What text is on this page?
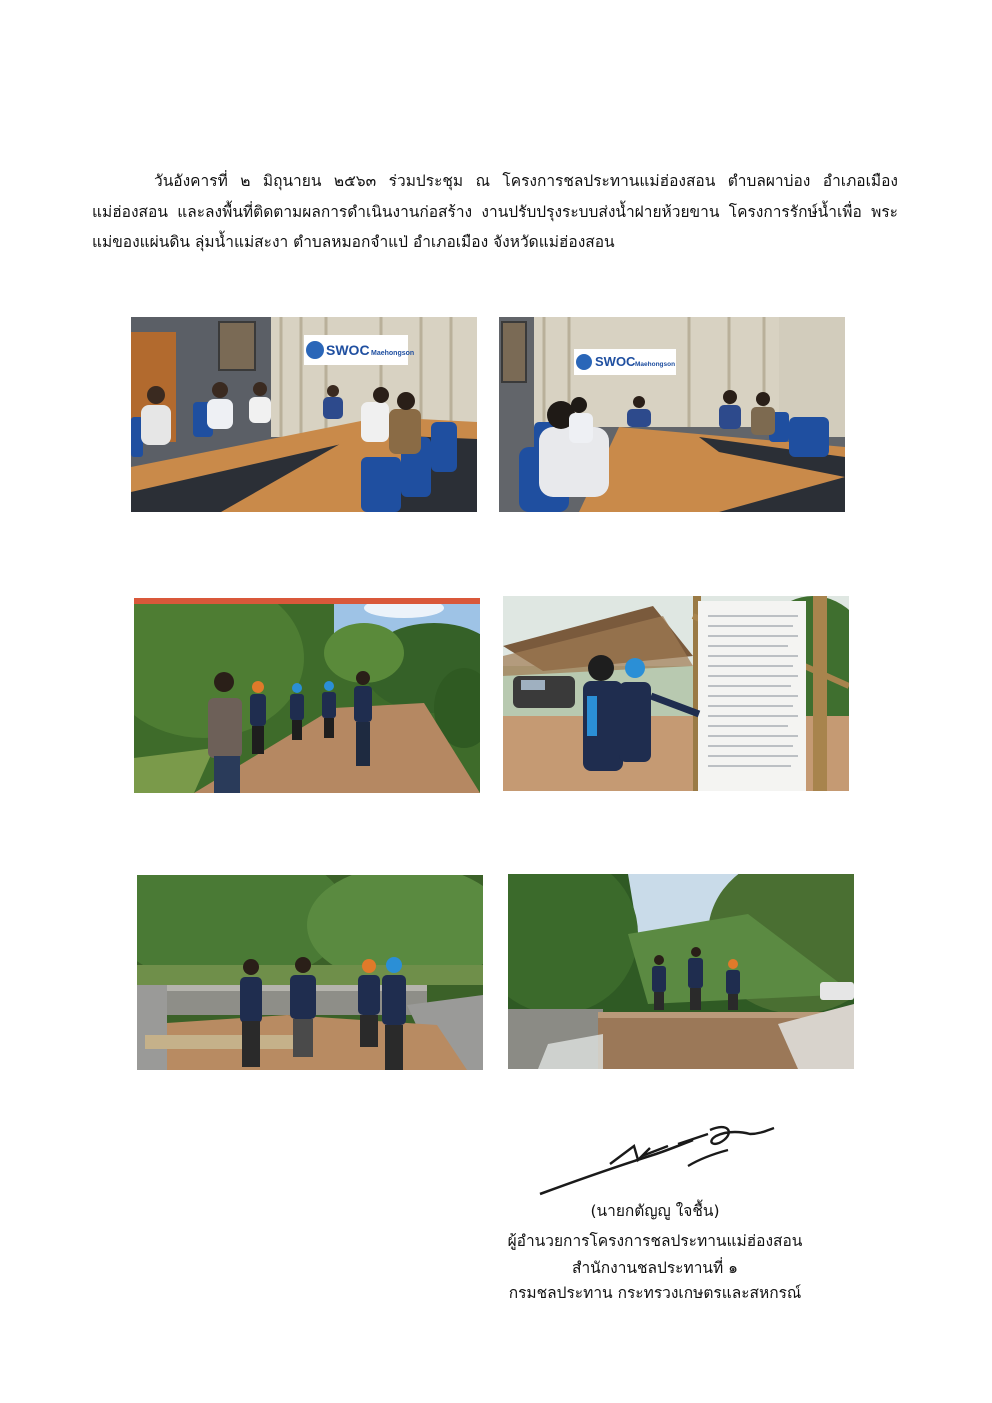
วันอังคารที่ ๒ มิถุนายน ๒๕๖๓ ร่วมประชุม ณ โครงการชลประทานแม่ฮ่องสอน ตำบลผาบ่อง อำเภอเมือง แม่ฮ่องสอน และลงพื้นที่ติดตามผลการดำเนินงานก่อสร้าง งานปรับปรุงระบบส่งน้ำฝายห้วยขาน โครงการรักษ์น้ำเพื่อ พระแม่ของแผ่นดิน ลุ่มน้ำแม่สะงา ตำบลหมอกจำแป่ อำเภอเมือง จังหวัดแม่ฮ่องสอน

SWOC Maehongson
SWOC Maehongson
(นายกตัญญู ใจชื้น)
ผู้อำนวยการโครงการชลประทานแม่ฮ่องสอน
สำนักงานชลประทานที่ ๑
กรมชลประทาน กระทรวงเกษตรและสหกรณ์
